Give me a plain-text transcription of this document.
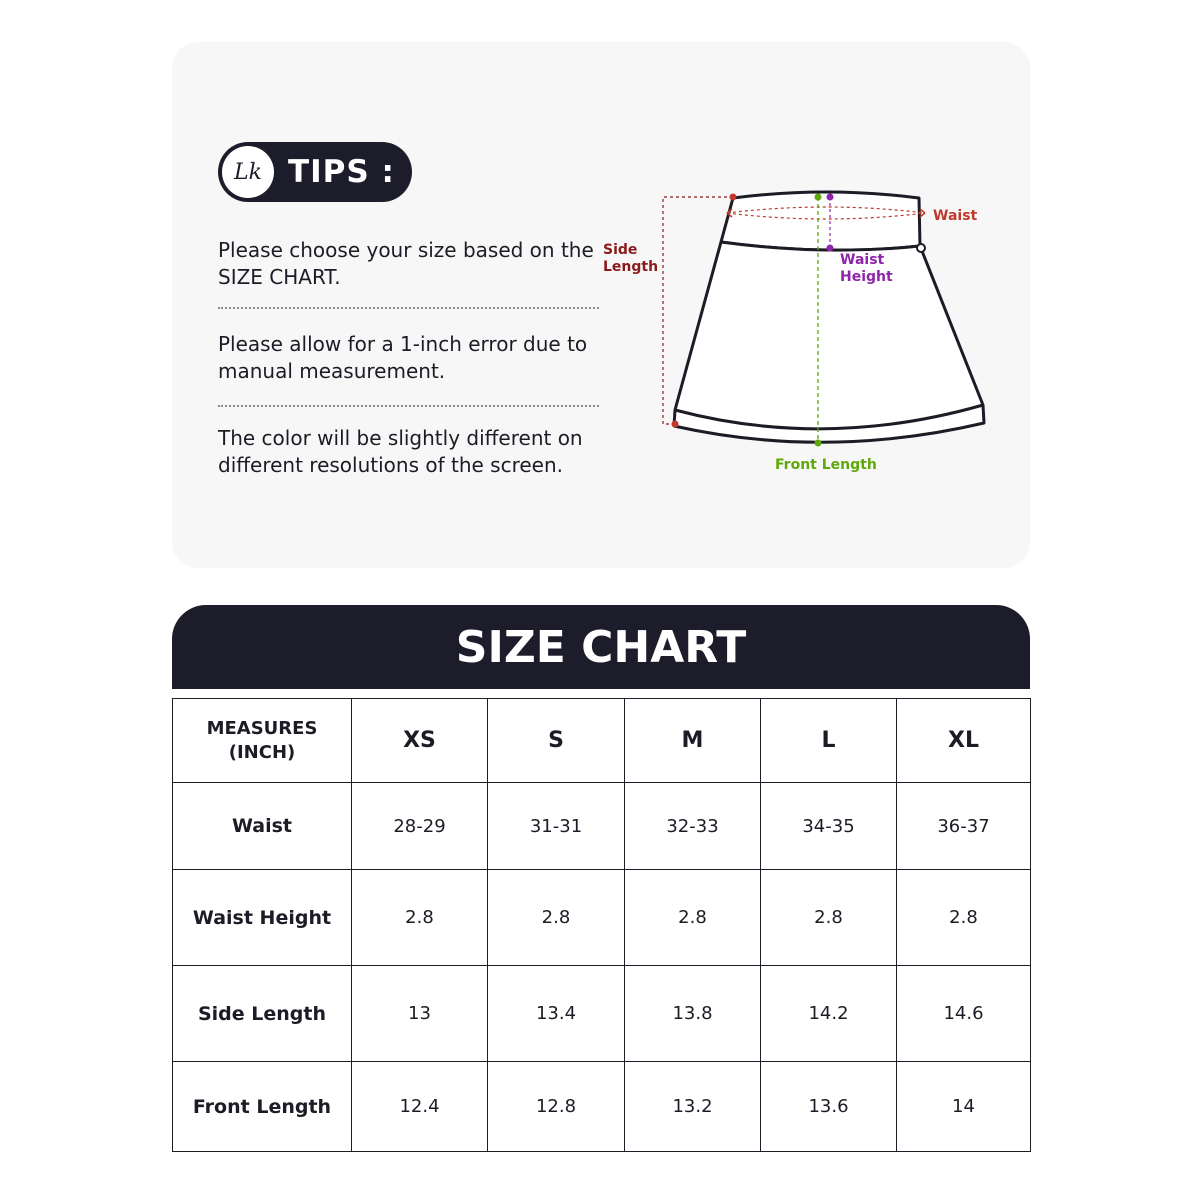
Lk TIPS :
Please choose your size based on the SIZE CHART.
Please allow for a 1-inch error due to manual measurement.
The color will be slightly different on different resolutions of the screen.
Waist
Side
Length	Waist
Height
Front Length
SIZE CHART
MEASURES
(INCH)	XS	S	M	L	XL
Waist	28-29	31-31	32-33	34-35	36-37
Waist Height	2.8	2.8	2.8	2.8	2.8
Side Length	13	13.4	13.8	14.2	14.6
Front Length	12.4	12.8	13.2	13.6	14
